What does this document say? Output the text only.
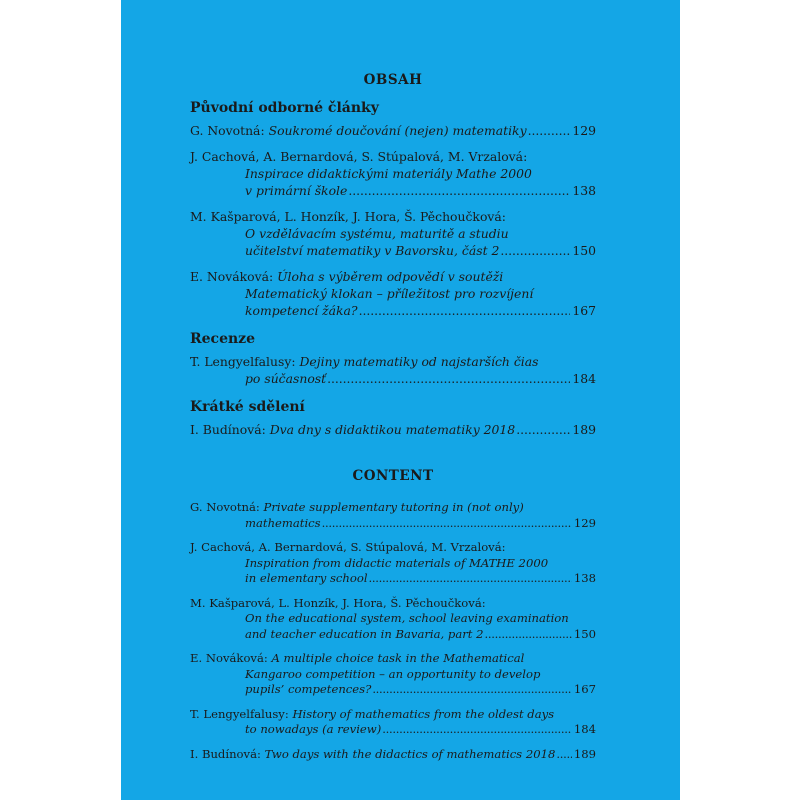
OBSAH
Původní odborné články
G. Novotná:
Soukromé doučování (nejen) matematiky . . .	129
J. Cachová, A. Bernardová, S. Stúpalová, M. Vrzalová:
Inspirace didaktickými materiály Mathe 2000
v primární škole . . .	138
M. Kašparová, L. Honzík, J. Hora, Š. Pěchoučková:
O vzdělávacím systému, maturitě a studiu
učitelství matematiky v Bavorsku, část 2 . . .	150
E. Nováková:
Úloha s výběrem odpovědí v soutěži
Matematický klokan – příležitost pro rozvíjení
kompetencí žáka? . . .	167
Recenze
T. Lengyelfalusy:
Dejiny matematiky od najstarších čias
po súčasnosť . . .	184
Krátké sdělení
I. Budínová:
Dva dny s didaktikou matematiky 2018 . . .	189
CONTENT
G. Novotná:
Private supplementary tutoring in (not only)
mathematics . . .	129
J. Cachová, A. Bernardová, S. Stúpalová, M. Vrzalová:
Inspiration from didactic materials of MATHE 2000
in elementary school . . .	138
M. Kašparová, L. Honzík, J. Hora, Š. Pěchoučková:
On the educational system, school leaving examination
and teacher education in Bavaria, part 2 . . .	150
E. Nováková:
A multiple choice task in the Mathematical
Kangaroo competition – an opportunity to develop
pupils’ competences? . . .	167
T. Lengyelfalusy:
History of mathematics from the oldest days
to nowadays (a review) . . .	184
I. Budínová:
Two days with the didactics of mathematics 2018 . . . 189
